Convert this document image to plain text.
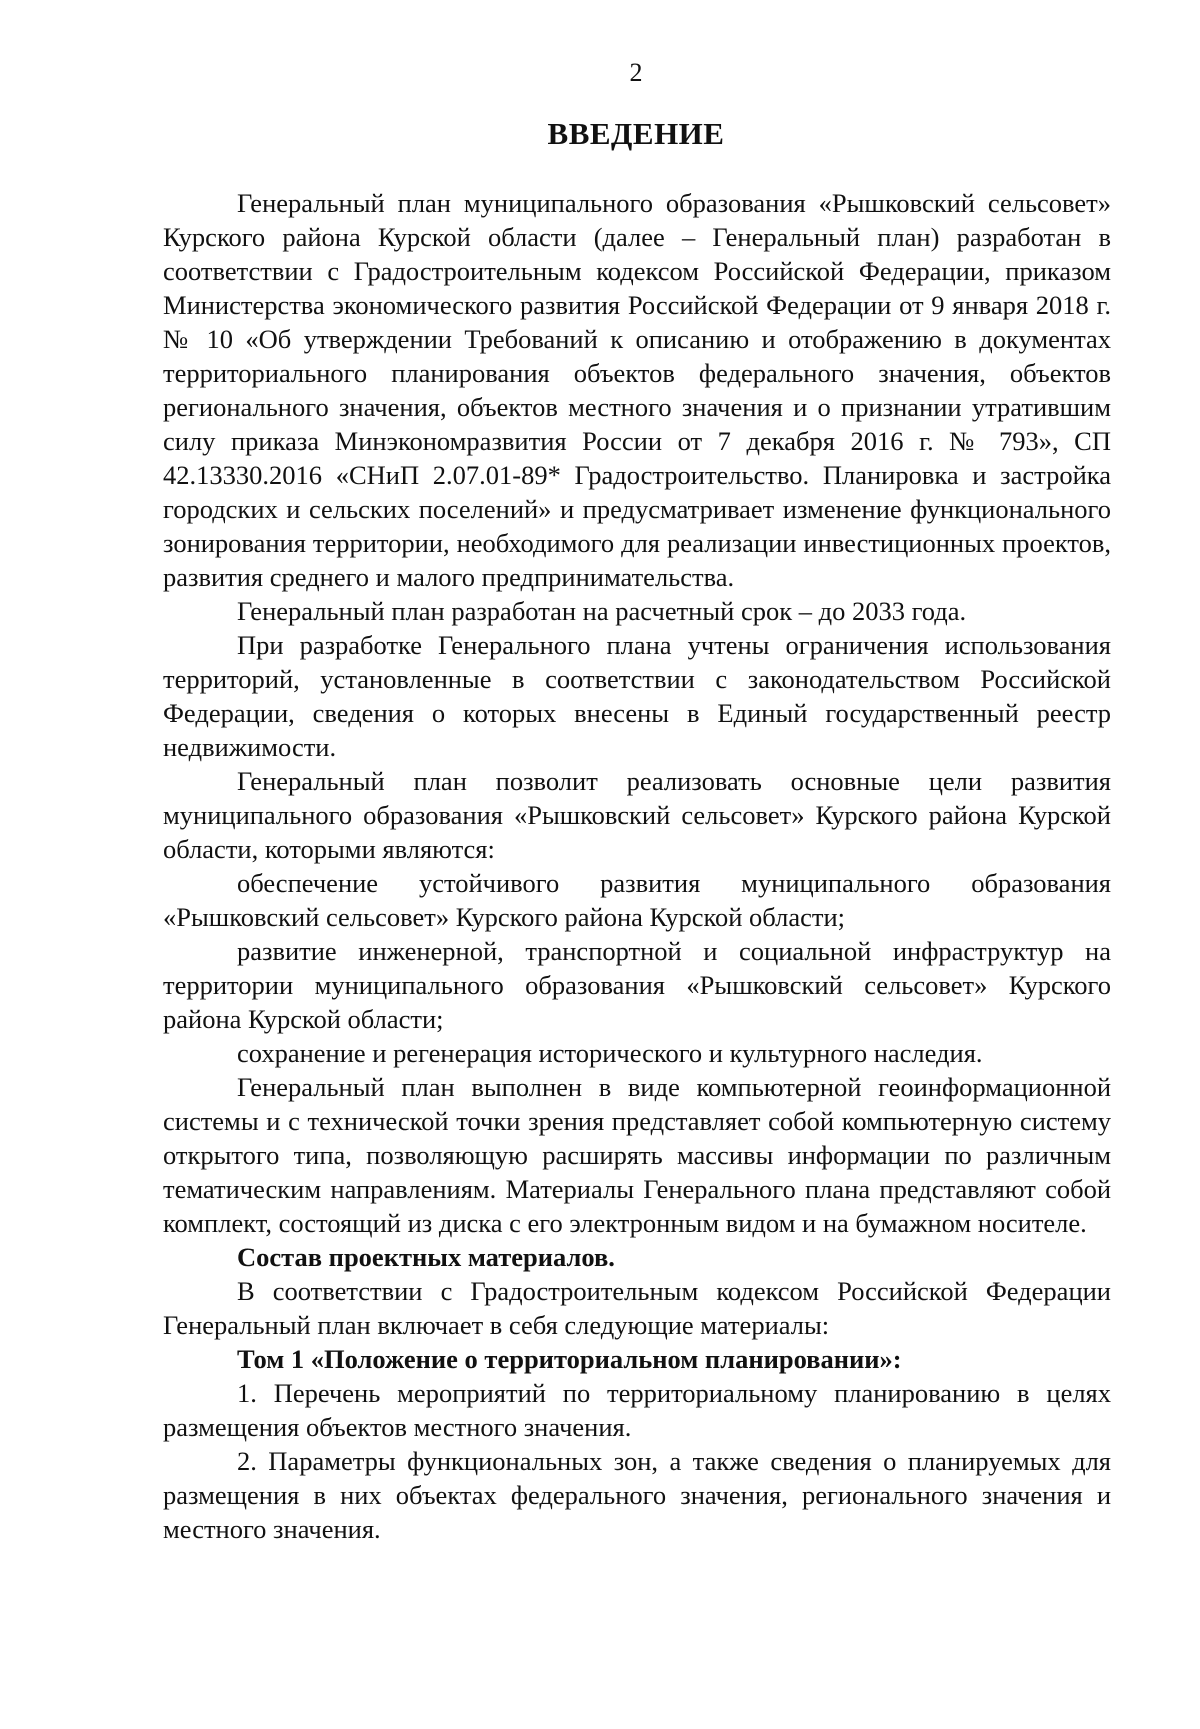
2
ВВЕДЕНИЕ

Генеральный план муниципального образования «Рышковский сельсовет» Курского района Курской области (далее – Генеральный план) разработан в соответствии с Градостроительным кодексом Российской Федерации, приказом Министерства экономического развития Российской Федерации от 9 января 2018 г. № 10 «Об утверждении Требований к описанию и отображению в документах территориального планирования объектов федерального значения, объектов регионального значения, объектов местного значения и о признании утратившим силу приказа Минэкономразвития России от 7 декабря 2016 г. № 793», СП 42.13330.2016 «СНиП 2.07.01-89* Градостроительство. Планировка и застройка городских и сельских поселений» и предусматривает изменение функционального зонирования территории, необходимого для реализации инвестиционных проектов, развития среднего и малого предпринимательства.

Генеральный план разработан на расчетный срок – до 2033 года.

При разработке Генерального плана учтены ограничения использования территорий, установленные в соответствии с законодательством Российской Федерации, сведения о которых внесены в Единый государственный реестр недвижимости.

Генеральный план позволит реализовать основные цели развития муниципального образования «Рышковский сельсовет» Курского района Курской области, которыми являются:

обеспечение устойчивого развития муниципального образования «Рышковский сельсовет» Курского района Курской области;

развитие инженерной, транспортной и социальной инфраструктур на территории муниципального образования «Рышковский сельсовет» Курского района Курской области;

сохранение и регенерация исторического и культурного наследия.

Генеральный план выполнен в виде компьютерной геоинформационной системы и с технической точки зрения представляет собой компьютерную систему открытого типа, позволяющую расширять массивы информации по различным тематическим направлениям. Материалы Генерального плана представляют собой комплект, состоящий из диска с его электронным видом и на бумажном носителе.

Состав проектных материалов.

В соответствии с Градостроительным кодексом Российской Федерации Генеральный план включает в себя следующие материалы:

Том 1 «Положение о территориальном планировании»:

1. Перечень мероприятий по территориальному планированию в целях размещения объектов местного значения.

2. Параметры функциональных зон, а также сведения о планируемых для размещения в них объектах федерального значения, регионального значения и местного значения.
